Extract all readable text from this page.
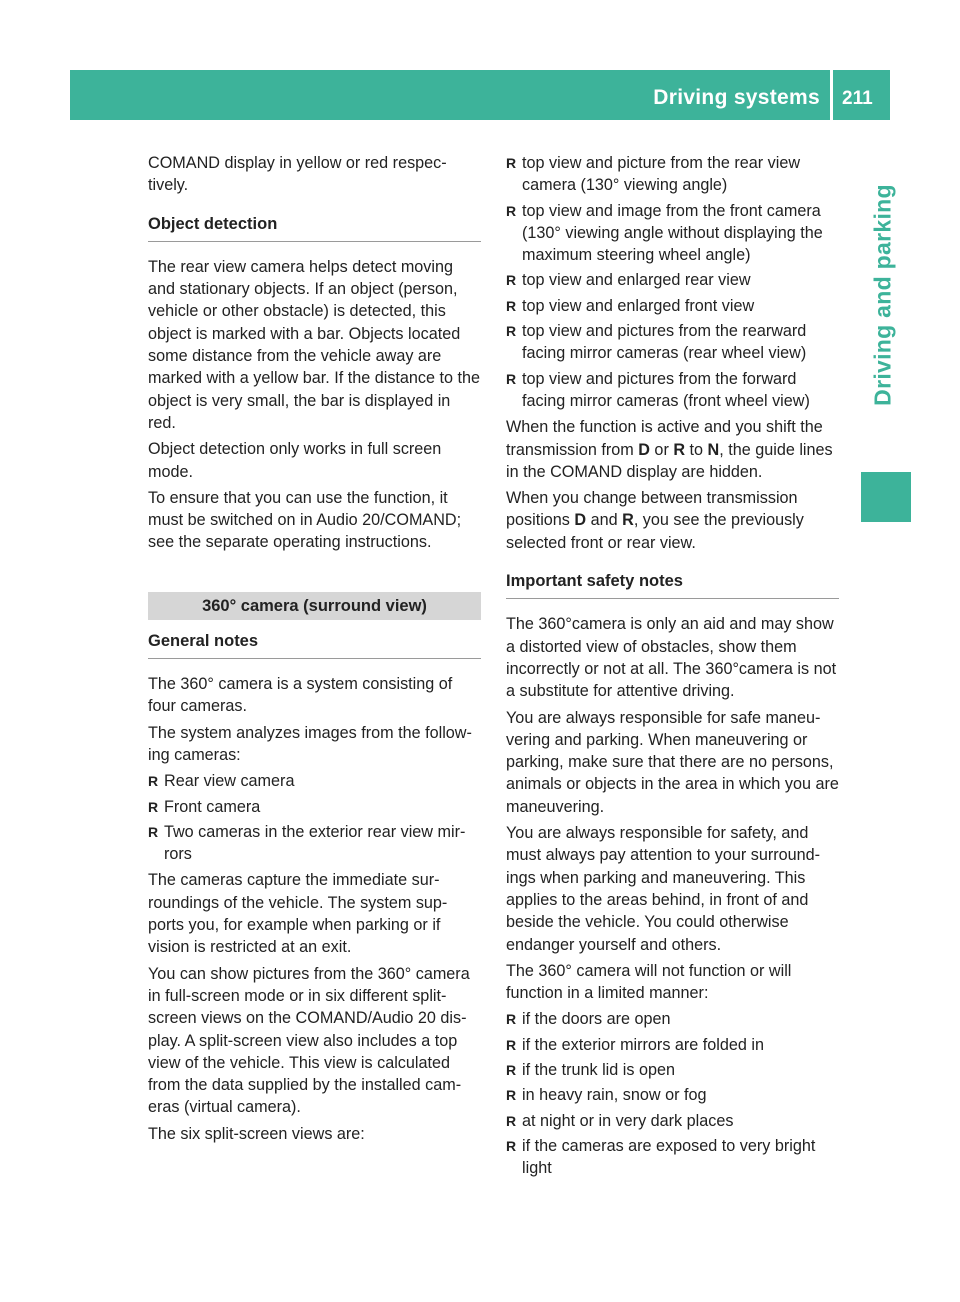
Driving systems 211
Driving and parking

COMAND display in yellow or red respec-tively.

Object detection

The rear view camera helps detect moving and stationary objects. If an object (person, vehicle or other obstacle) is detected, this object is marked with a bar. Objects located some distance from the vehicle away are marked with a yellow bar. If the distance to the object is very small, the bar is displayed in red.

Object detection only works in full screen mode.

To ensure that you can use the function, it must be switched on in Audio 20/COMAND; see the separate operating instructions.

360° camera (surround view)
General notes

The 360° camera is a system consisting of four cameras.

The system analyzes images from the follow-ing cameras:

R Rear view camera
R Front camera
R Two cameras in the exterior rear view mir-rors

The cameras capture the immediate sur-roundings of the vehicle. The system sup-ports you, for example when parking or if vision is restricted at an exit.

You can show pictures from the 360° camera in full-screen mode or in six different split-screen views on the COMAND/Audio 20 dis-play. A split-screen view also includes a top view of the vehicle. This view is calculated from the data supplied by the installed cam-eras (virtual camera).

The six split-screen views are:

R top view and picture from the rear view camera (130° viewing angle)
R top view and image from the front camera (130° viewing angle without displaying the maximum steering wheel angle)
R top view and enlarged rear view
R top view and enlarged front view
R top view and pictures from the rearward facing mirror cameras (rear wheel view)
R top view and pictures from the forward facing mirror cameras (front wheel view)

When the function is active and you shift the transmission from D or R to N, the guide lines in the COMAND display are hidden.

When you change between transmission positions D and R, you see the previously selected front or rear view.

Important safety notes

The 360°camera is only an aid and may show a distorted view of obstacles, show them incorrectly or not at all. The 360°camera is not a substitute for attentive driving.

You are always responsible for safe maneu-vering and parking. When maneuvering or parking, make sure that there are no persons, animals or objects in the area in which you are maneuvering.

You are always responsible for safety, and must always pay attention to your surround-ings when parking and maneuvering. This applies to the areas behind, in front of and beside the vehicle. You could otherwise endanger yourself and others.

The 360° camera will not function or will function in a limited manner:

R if the doors are open
R if the exterior mirrors are folded in
R if the trunk lid is open
R in heavy rain, snow or fog
R at night or in very dark places
R if the cameras are exposed to very bright light
